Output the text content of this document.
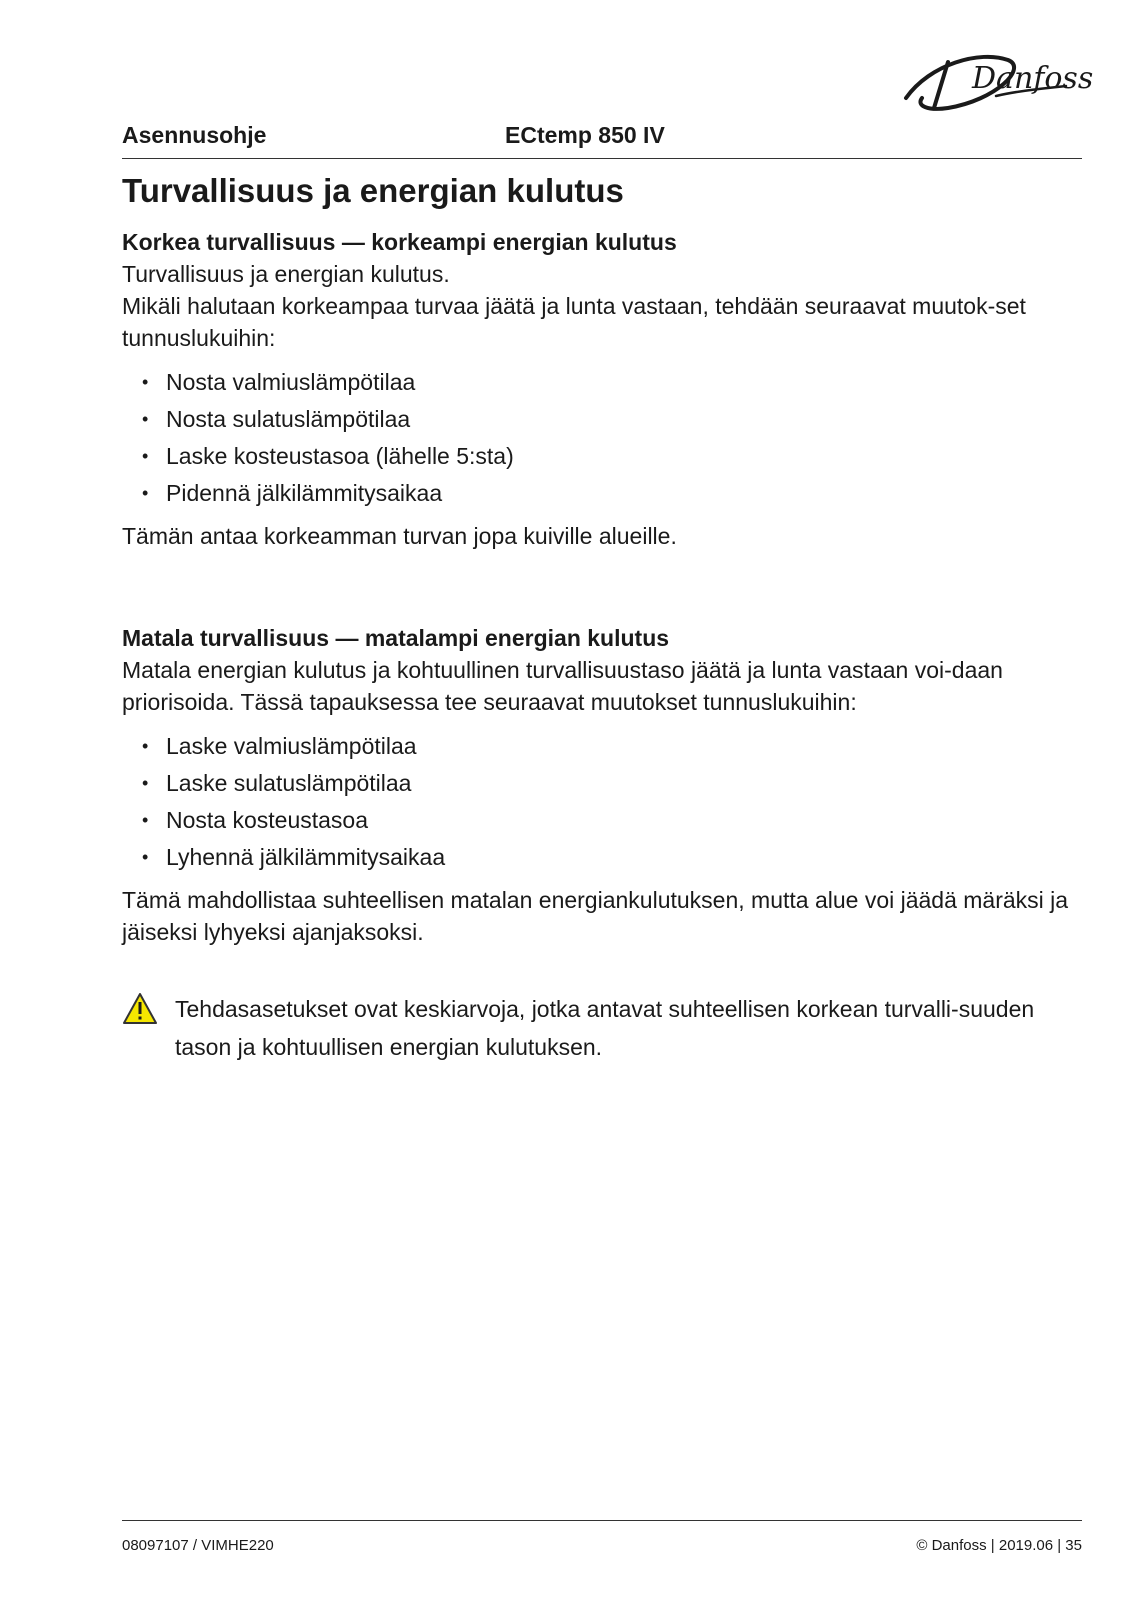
Danfoss
Asennusohje	ECtemp 850 IV
Turvallisuus ja energian kulutus
Korkea turvallisuus — korkeampi energian kulutus

Turvallisuus ja energian kulutus.

Mikäli halutaan korkeampaa turvaa jäätä ja lunta vastaan, tehdään seuraavat muutok-set tunnuslukuihin:

• Nosta valmiuslämpötilaa
• Nosta sulatuslämpötilaa
• Laske kosteustasoa (lähelle 5:sta)
• Pidennä jälkilämmitysaikaa

Tämän antaa korkeamman turvan jopa kuiville alueille.

Matala turvallisuus — matalampi energian kulutus

Matala energian kulutus ja kohtuullinen turvallisuustaso jäätä ja lunta vastaan voi-daan priorisoida. Tässä tapauksessa tee seuraavat muutokset tunnuslukuihin:

• Laske valmiuslämpötilaa
• Laske sulatuslämpötilaa
• Nosta kosteustasoa
• Lyhennä jälkilämmitysaikaa

Tämä mahdollistaa suhteellisen matalan energiankulutuksen, mutta alue voi jäädä märäksi ja jäiseksi lyhyeksi ajanjaksoksi.

Tehdasasetukset ovat keskiarvoja, jotka antavat suhteellisen korkean turvalli-suuden tason ja kohtuullisen energian kulutuksen.

08097107 / VIMHE220	© Danfoss | 2019.06 | 35
